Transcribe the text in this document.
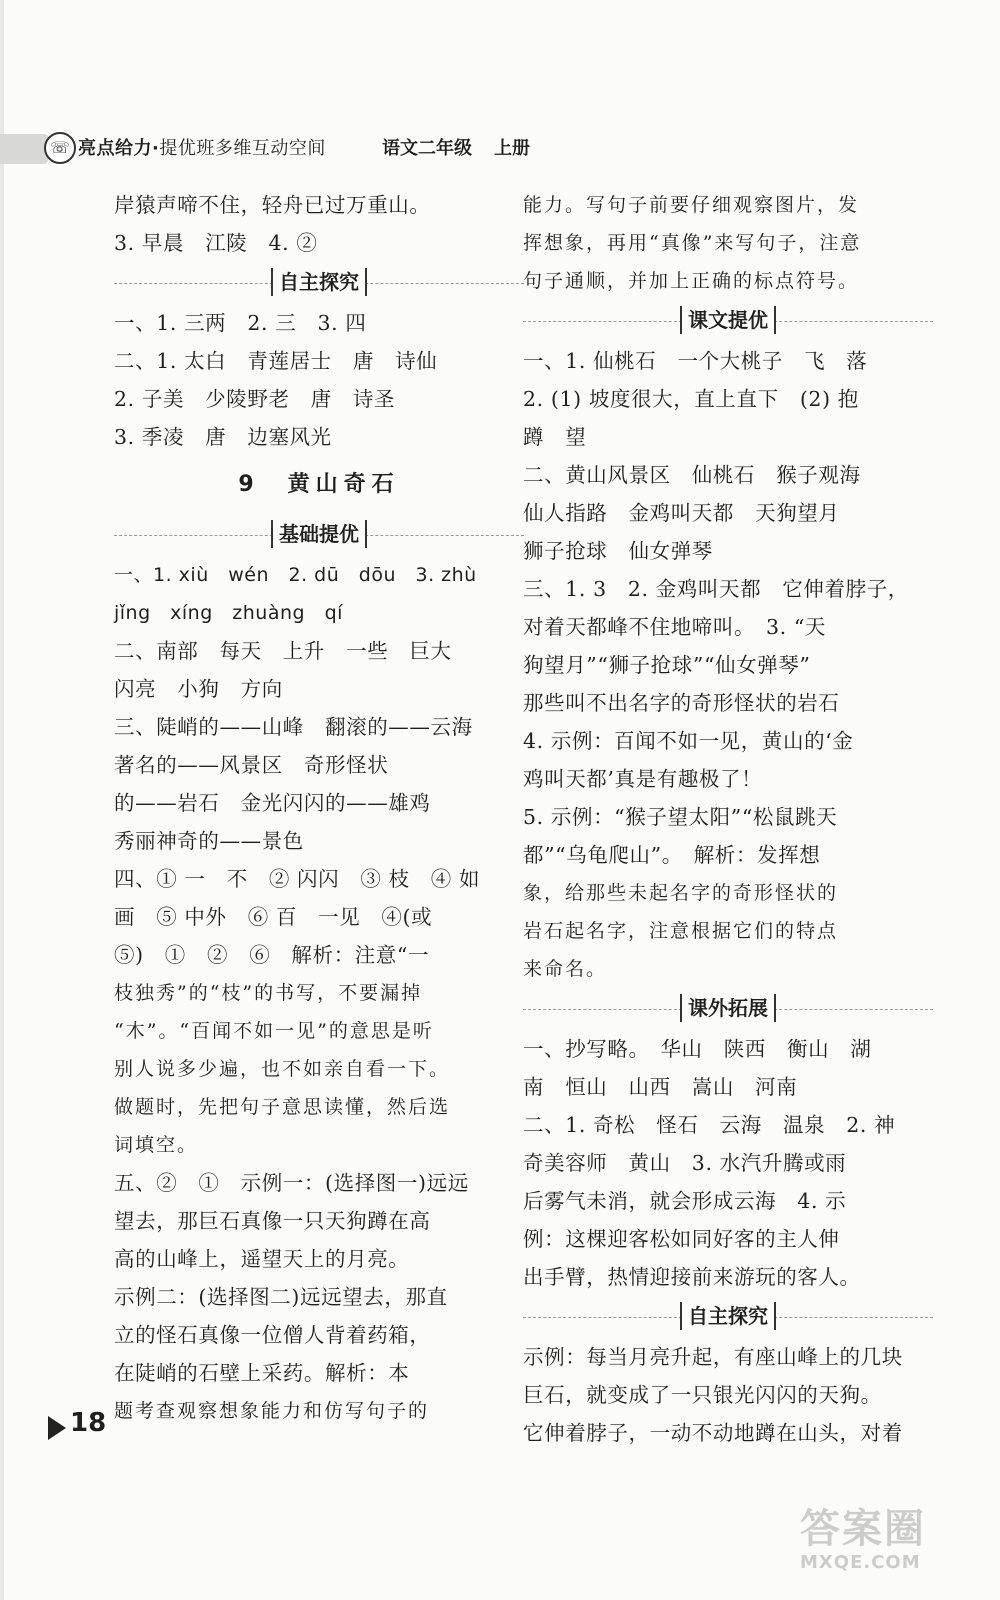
☏ 亮点给力·提优班多维互动空间	语文二年级 上册
岸猿声啼不住，轻舟已过万重山。
3. 早晨　江陵　4. ②
自主探究
一、1. 三两　2. 三　3. 四
二、1. 太白　青莲居士　唐　诗仙
2. 子美　少陵野老　唐　诗圣
3. 季凌　唐　边塞风光
9　黄山奇石
基础提优
一、1. xiù　wén　2. dū　dōu　3. zhù
jǐng　xíng　zhuàng　qí
二、南部　每天　上升　一些　巨大
闪亮　小狗　方向
三、陡峭的——山峰　翻滚的——云海
著名的——风景区　奇形怪状
的——岩石　金光闪闪的——雄鸡
秀丽神奇的——景色
四、① 一　不　② 闪闪　③ 枝　④ 如
画　⑤ 中外　⑥ 百　一见　④(或
⑤)　①　②　⑥　解析：注意“一
枝独秀”的“枝”的书写，不要漏掉
“木”。“百闻不如一见”的意思是听
别人说多少遍，也不如亲自看一下。
做题时，先把句子意思读懂，然后选
词填空。
五、②　①　示例一：(选择图一)远远
望去，那巨石真像一只天狗蹲在高
高的山峰上，遥望天上的月亮。
示例二：(选择图二)远远望去，那直
立的怪石真像一位僧人背着药箱，
在陡峭的石壁上采药。解析：本
题考查观察想象能力和仿写句子的
能力。写句子前要仔细观察图片，发
挥想象，再用“真像”来写句子，注意
句子通顺，并加上正确的标点符号。
课文提优
一、1. 仙桃石　一个大桃子　飞　落
2. (1) 坡度很大，直上直下　(2) 抱
蹲　望
二、黄山风景区　仙桃石　猴子观海
仙人指路　金鸡叫天都　天狗望月
狮子抢球　仙女弹琴
三、1. 3　2. 金鸡叫天都　它伸着脖子，
对着天都峰不住地啼叫。　3. “天
狗望月”“狮子抢球”“仙女弹琴”
那些叫不出名字的奇形怪状的岩石
4. 示例：百闻不如一见，黄山的‘金
鸡叫天都’真是有趣极了！
5. 示例：“猴子望太阳”“松鼠跳天
都”“乌龟爬山”。　解析：发挥想
象，给那些未起名字的奇形怪状的
岩石起名字，注意根据它们的特点
来命名。
课外拓展
一、抄写略。　华山　陕西　衡山　湖
南　恒山　山西　嵩山　河南
二、1. 奇松　怪石　云海　温泉　2. 神
奇美容师　黄山　3. 水汽升腾或雨
后雾气未消，就会形成云海　4. 示
例：这棵迎客松如同好客的主人伸
出手臂，热情迎接前来游玩的客人。
自主探究
示例：每当月亮升起，有座山峰上的几块
巨石，就变成了一只银光闪闪的天狗。
它伸着脖子，一动不动地蹲在山头，对着
18
答案圈
MXQE.COM
